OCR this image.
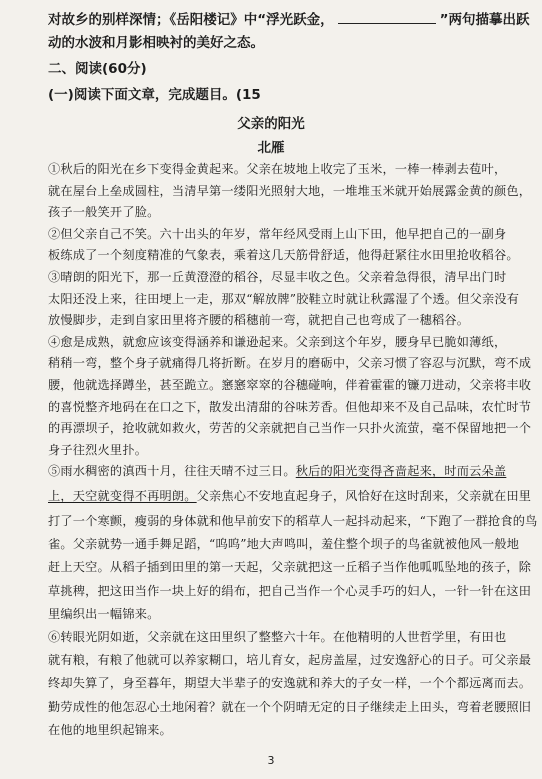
对故乡的别样深情；《岳阳楼记》中“浮光跃金，	”两句描摹出跃
动的水波和月影相映衬的美好之态。
二、阅读(60分)
(一)阅读下面文章，完成题目。(15
父亲的阳光
北雁
①秋后的阳光在乡下变得金黄起来。父亲在坡地上收完了玉米，一棒一棒剥去苞叶，
就在屋台上垒成圆柱，当清早第一缕阳光照射大地，一堆堆玉米就开始展露金黄的颜色，
孩子一般笑开了脸。
②但父亲自己不笑。六十出头的年岁，常年经风受雨上山下田，他早把自己的一副身
板练成了一个刻度精准的气象表，乘着这几天筋骨舒适，他得赶紧往水田里抢收稻谷。
③晴朗的阳光下，那一丘黄澄澄的稻谷，尽显丰收之色。父亲着急得很，清早出门时
太阳还没上来，往田埂上一走，那双“解放牌”胶鞋立时就让秋露湿了个透。但父亲没有
放慢脚步，走到自家田里将齐腰的稻穗前一弯，就把自己也弯成了一穗稻谷。
④愈是成熟，就愈应该变得涵养和谦逊起来。父亲到这个年岁，腰身早已脆如薄纸，
稍稍一弯，整个身子就痛得几将折断。在岁月的磨砺中，父亲习惯了容忍与沉默，弯不成
腰，他就选择蹲坐，甚至跪立。窸窸窣窣的谷穗碰响，伴着霍霍的镰刀进动，父亲将丰收
的喜悦整齐地码在在口之下，散发出清甜的谷味芳香。但他却来不及自己品味，农忙时节
的再漂坝子，抢收就如救火，劳苦的父亲就把自己当作一只扑火流萤，毫不保留地把一个
身子往烈火里扑。
⑤雨水稠密的滇西十月，往往天晴不过三日。秋后的阳光变得吝啬起来，时而云朵盖
上，天空就变得不再明朗。父亲焦心不安地直起身子，风恰好在这时刮来，父亲就在田里
打了一个寒颤，瘦弱的身体就和他早前安下的稻草人一起抖动起来，“下跑了一群抢食的鸟
雀。父亲就势一通手舞足蹈，“呜呜”地大声鸣叫，羞住整个坝子的鸟雀就被他风一般地
赶上天空。从稻子插到田里的第一天起，父亲就把这一丘稻子当作他呱呱坠地的孩子，除
草挑稗，把这田当作一块上好的绢布，把自己当作一个心灵手巧的妇人，一针一针在这田
里编织出一幅锦来。
⑥转眼光阴如逝，父亲就在这田里织了整整六十年。在他精明的人世哲学里，有田也
就有粮，有粮了他就可以养家糊口，培儿育女，起房盖屋，过安逸舒心的日子。可父亲最
终却失算了，身至暮年，期望大半辈子的安逸就和养大的子女一样，一个个都远离而去。
勤劳成性的他怎忍心土地闲着？就在一个个阴晴无定的日子继续走上田头，弯着老腰照旧
在他的地里织起锦来。
3
